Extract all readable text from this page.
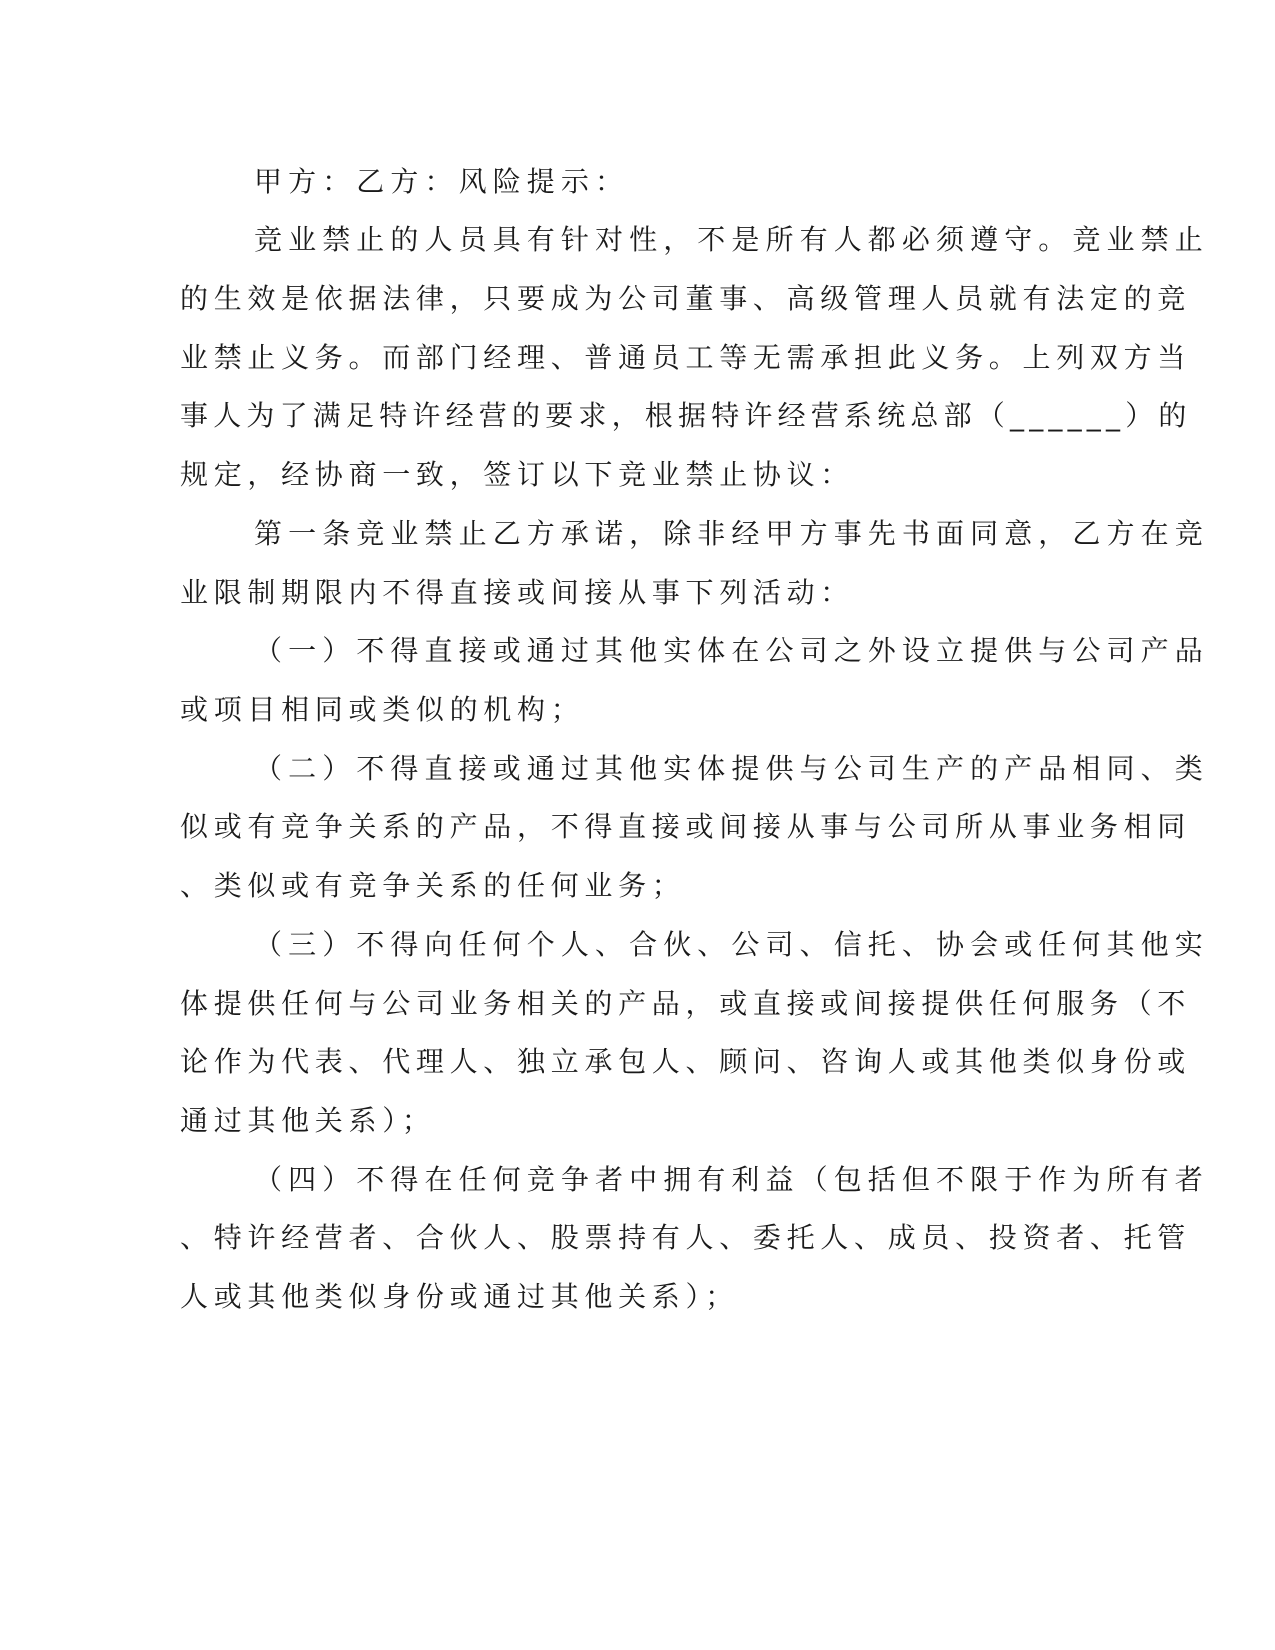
甲方：乙方：风险提示：
竞业禁止的人员具有针对性，不是所有人都必须遵守。竞业禁止
的生效是依据法律，只要成为公司董事、高级管理人员就有法定的竞
业禁止义务。而部门经理、普通员工等无需承担此义务。上列双方当
事人为了满足特许经营的要求，根据特许经营系统总部（______）的
规定，经协商一致，签订以下竞业禁止协议：
第一条竞业禁止乙方承诺，除非经甲方事先书面同意，乙方在竞
业限制期限内不得直接或间接从事下列活动：
（一）不得直接或通过其他实体在公司之外设立提供与公司产品
或项目相同或类似的机构；
（二）不得直接或通过其他实体提供与公司生产的产品相同、类
似或有竞争关系的产品，不得直接或间接从事与公司所从事业务相同
、类似或有竞争关系的任何业务；
（三）不得向任何个人、合伙、公司、信托、协会或任何其他实
体提供任何与公司业务相关的产品，或直接或间接提供任何服务（不
论作为代表、代理人、独立承包人、顾问、咨询人或其他类似身份或
通过其他关系）；
（四）不得在任何竞争者中拥有利益（包括但不限于作为所有者
、特许经营者、合伙人、股票持有人、委托人、成员、投资者、托管
人或其他类似身份或通过其他关系）；
